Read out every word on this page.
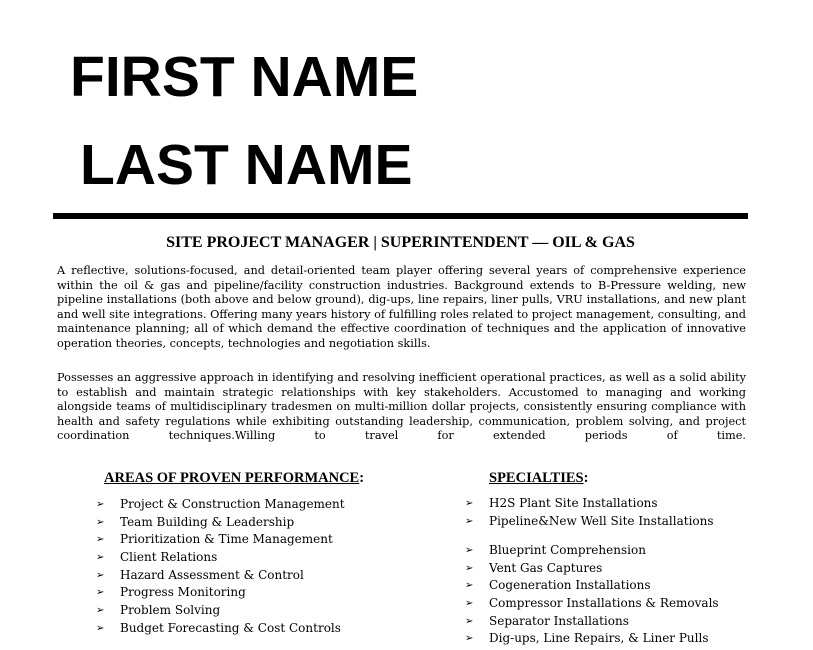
FIRST NAME
LAST NAME
SITE PROJECT MANAGER | SUPERINTENDENT — OIL & GAS

A reflective, solutions-focused, and detail-oriented team player offering several years of comprehensive experience within the oil & gas and pipeline/facility construction industries. Background extends to B-Pressure welding, new pipeline installations (both above and below ground), dig-ups, line repairs, liner pulls, VRU installations, and new plant and well site integrations. Offering many years history of fulfilling roles related to project management, consulting, and maintenance planning; all of which demand the effective coordination of techniques and the application of innovative operation theories, concepts, technologies and negotiation skills.

Possesses an aggressive approach in identifying and resolving inefficient operational practices, as well as a solid ability to establish and maintain strategic relationships with key stakeholders. Accustomed to managing and working alongside teams of multidisciplinary tradesmen on multi-million dollar projects, consistently ensuring compliance with health and safety regulations while exhibiting outstanding leadership, communication, problem solving, and project coordination techniques.Willing to travel for extended periods of time.

AREAS OF PROVEN PERFORMANCE:	SPECIALTIES:
➢ Project & Construction Management
➢ Team Building & Leadership
➢ Prioritization & Time Management
➢ Client Relations
➢ Hazard Assessment & Control
➢ Progress Monitoring
➢ Problem Solving
➢ Budget Forecasting & Cost Controls
➢ H2S Plant Site Installations
➢ Pipeline&New Well Site Installations
➢ Blueprint Comprehension
➢ Vent Gas Captures
➢ Cogeneration Installations
➢ Compressor Installations & Removals
➢ Separator Installations
➢ Dig-ups, Line Repairs, & Liner Pulls
